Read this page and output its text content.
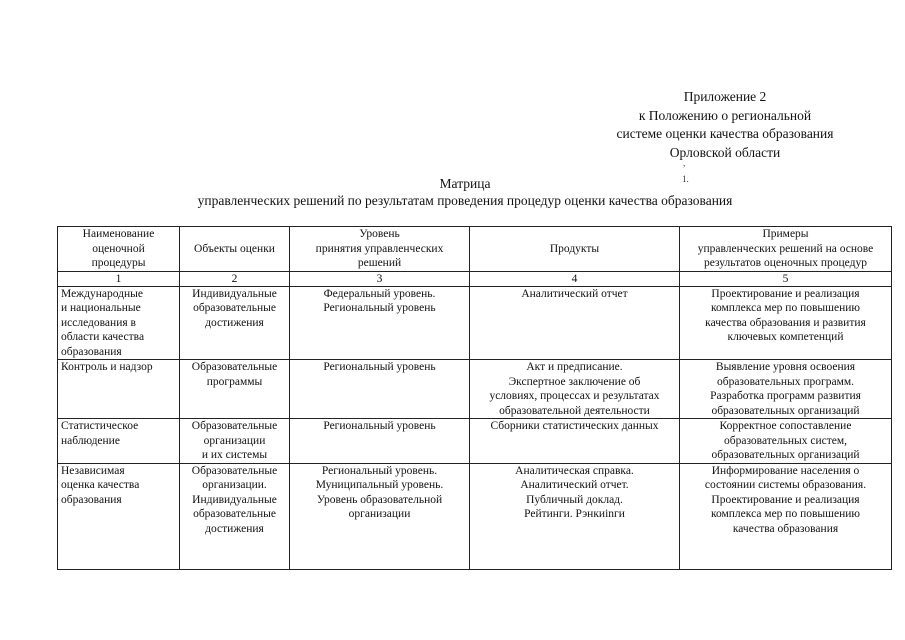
Приложение 2
к Положению о региональной
системе оценки качества образования
Орловской области
,
1.
Матрица
управленческих решений по результатам проведения процедур оценки качества образования
Наименование
оценочной
процедуры	Объекты оценки	Уровень
принятия управленческих
решений	Продукты	Примеры
управленческих решений на основе
результатов оценочных процедур

1	2	3	4	5

Международные
и национальные
исследования в
области качества
образования	Индивидуальные
образовательные
достижения	Федеральный уровень.
Региональный уровень	Аналитический отчет	Проектирование и реализация
комплекса мер по повышению
качества образования и развития
ключевых компетенций

Контроль и надзор	Образовательные
программы	Региональный уровень	Акт и предписание.
Экспертное заключение об
условиях, процессах и результатах
образовательной деятельности	Выявление уровня освоения
образовательных программ.
Разработка программ развития
образовательных организаций

Статистическое
наблюдение	Образовательные
организации
и их системы	Региональный уровень	Сборники статистических данных	Корректное сопоставление
образовательных систем,
образовательных организаций

Независимая
оценка качества
образования	Образовательные
организации.
Индивидуальные
образовательные
достижения	Региональный уровень.
Муниципальный уровень.
Уровень образовательной
организации	Аналитическая справка.
Аналитический отчет.
Публичный доклад.
Рейтинги. Рэнкиinги	Информирование населения о
состоянии системы образования.
Проектирование и реализация
комплекса мер по повышению
качества образования
